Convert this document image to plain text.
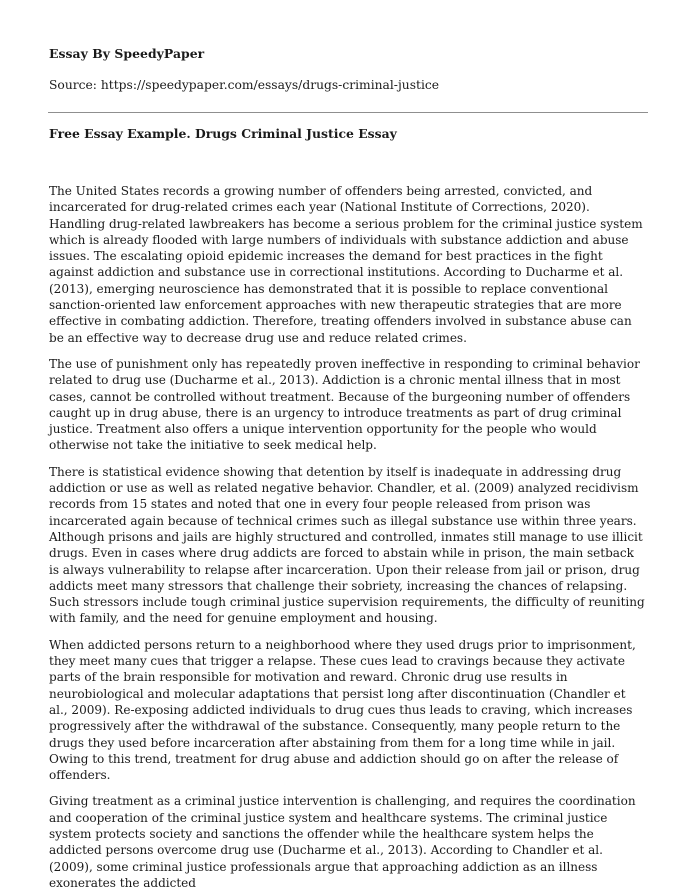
Essay By SpeedyPaper
Source: https://speedypaper.com/essays/drugs-criminal-justice
Free Essay Example. Drugs Criminal Justice Essay

The United States records a growing number of offenders being arrested, convicted, and incarcerated for drug-related crimes each year (National Institute of Corrections, 2020). Handling drug-related lawbreakers has become a serious problem for the criminal justice system which is already flooded with large numbers of individuals with substance addiction and abuse issues. The escalating opioid epidemic increases the demand for best practices in the fight against addiction and substance use in correctional institutions. According to Ducharme et al. (2013), emerging neuroscience has demonstrated that it is possible to replace conventional sanction-oriented law enforcement approaches with new therapeutic strategies that are more effective in combating addiction. Therefore, treating offenders involved in substance abuse can be an effective way to decrease drug use and reduce related crimes.

The use of punishment only has repeatedly proven ineffective in responding to criminal behavior related to drug use (Ducharme et al., 2013). Addiction is a chronic mental illness that in most cases, cannot be controlled without treatment. Because of the burgeoning number of offenders caught up in drug abuse, there is an urgency to introduce treatments as part of drug criminal justice. Treatment also offers a unique intervention opportunity for the people who would otherwise not take the initiative to seek medical help.

There is statistical evidence showing that detention by itself is inadequate in addressing drug addiction or use as well as related negative behavior. Chandler, et al. (2009) analyzed recidivism records from 15 states and noted that one in every four people released from prison was incarcerated again because of technical crimes such as illegal substance use within three years. Although prisons and jails are highly structured and controlled, inmates still manage to use illicit drugs. Even in cases where drug addicts are forced to abstain while in prison, the main setback is always vulnerability to relapse after incarceration. Upon their release from jail or prison, drug addicts meet many stressors that challenge their sobriety, increasing the chances of relapsing. Such stressors include tough criminal justice supervision requirements, the difficulty of reuniting with family, and the need for genuine employment and housing.

When addicted persons return to a neighborhood where they used drugs prior to imprisonment, they meet many cues that trigger a relapse. These cues lead to cravings because they activate parts of the brain responsible for motivation and reward. Chronic drug use results in neurobiological and molecular adaptations that persist long after discontinuation (Chandler et al., 2009). Re-exposing addicted individuals to drug cues thus leads to craving, which increases progressively after the withdrawal of the substance. Consequently, many people return to the drugs they used before incarceration after abstaining from them for a long time while in jail. Owing to this trend, treatment for drug abuse and addiction should go on after the release of offenders.

Giving treatment as a criminal justice intervention is challenging, and requires the coordination and cooperation of the criminal justice system and healthcare systems. The criminal justice system protects society and sanctions the offender while the healthcare system helps the addicted persons overcome drug use (Ducharme et al., 2013). According to Chandler et al. (2009), some criminal justice professionals argue that approaching addiction as an illness exonerates the addicted
